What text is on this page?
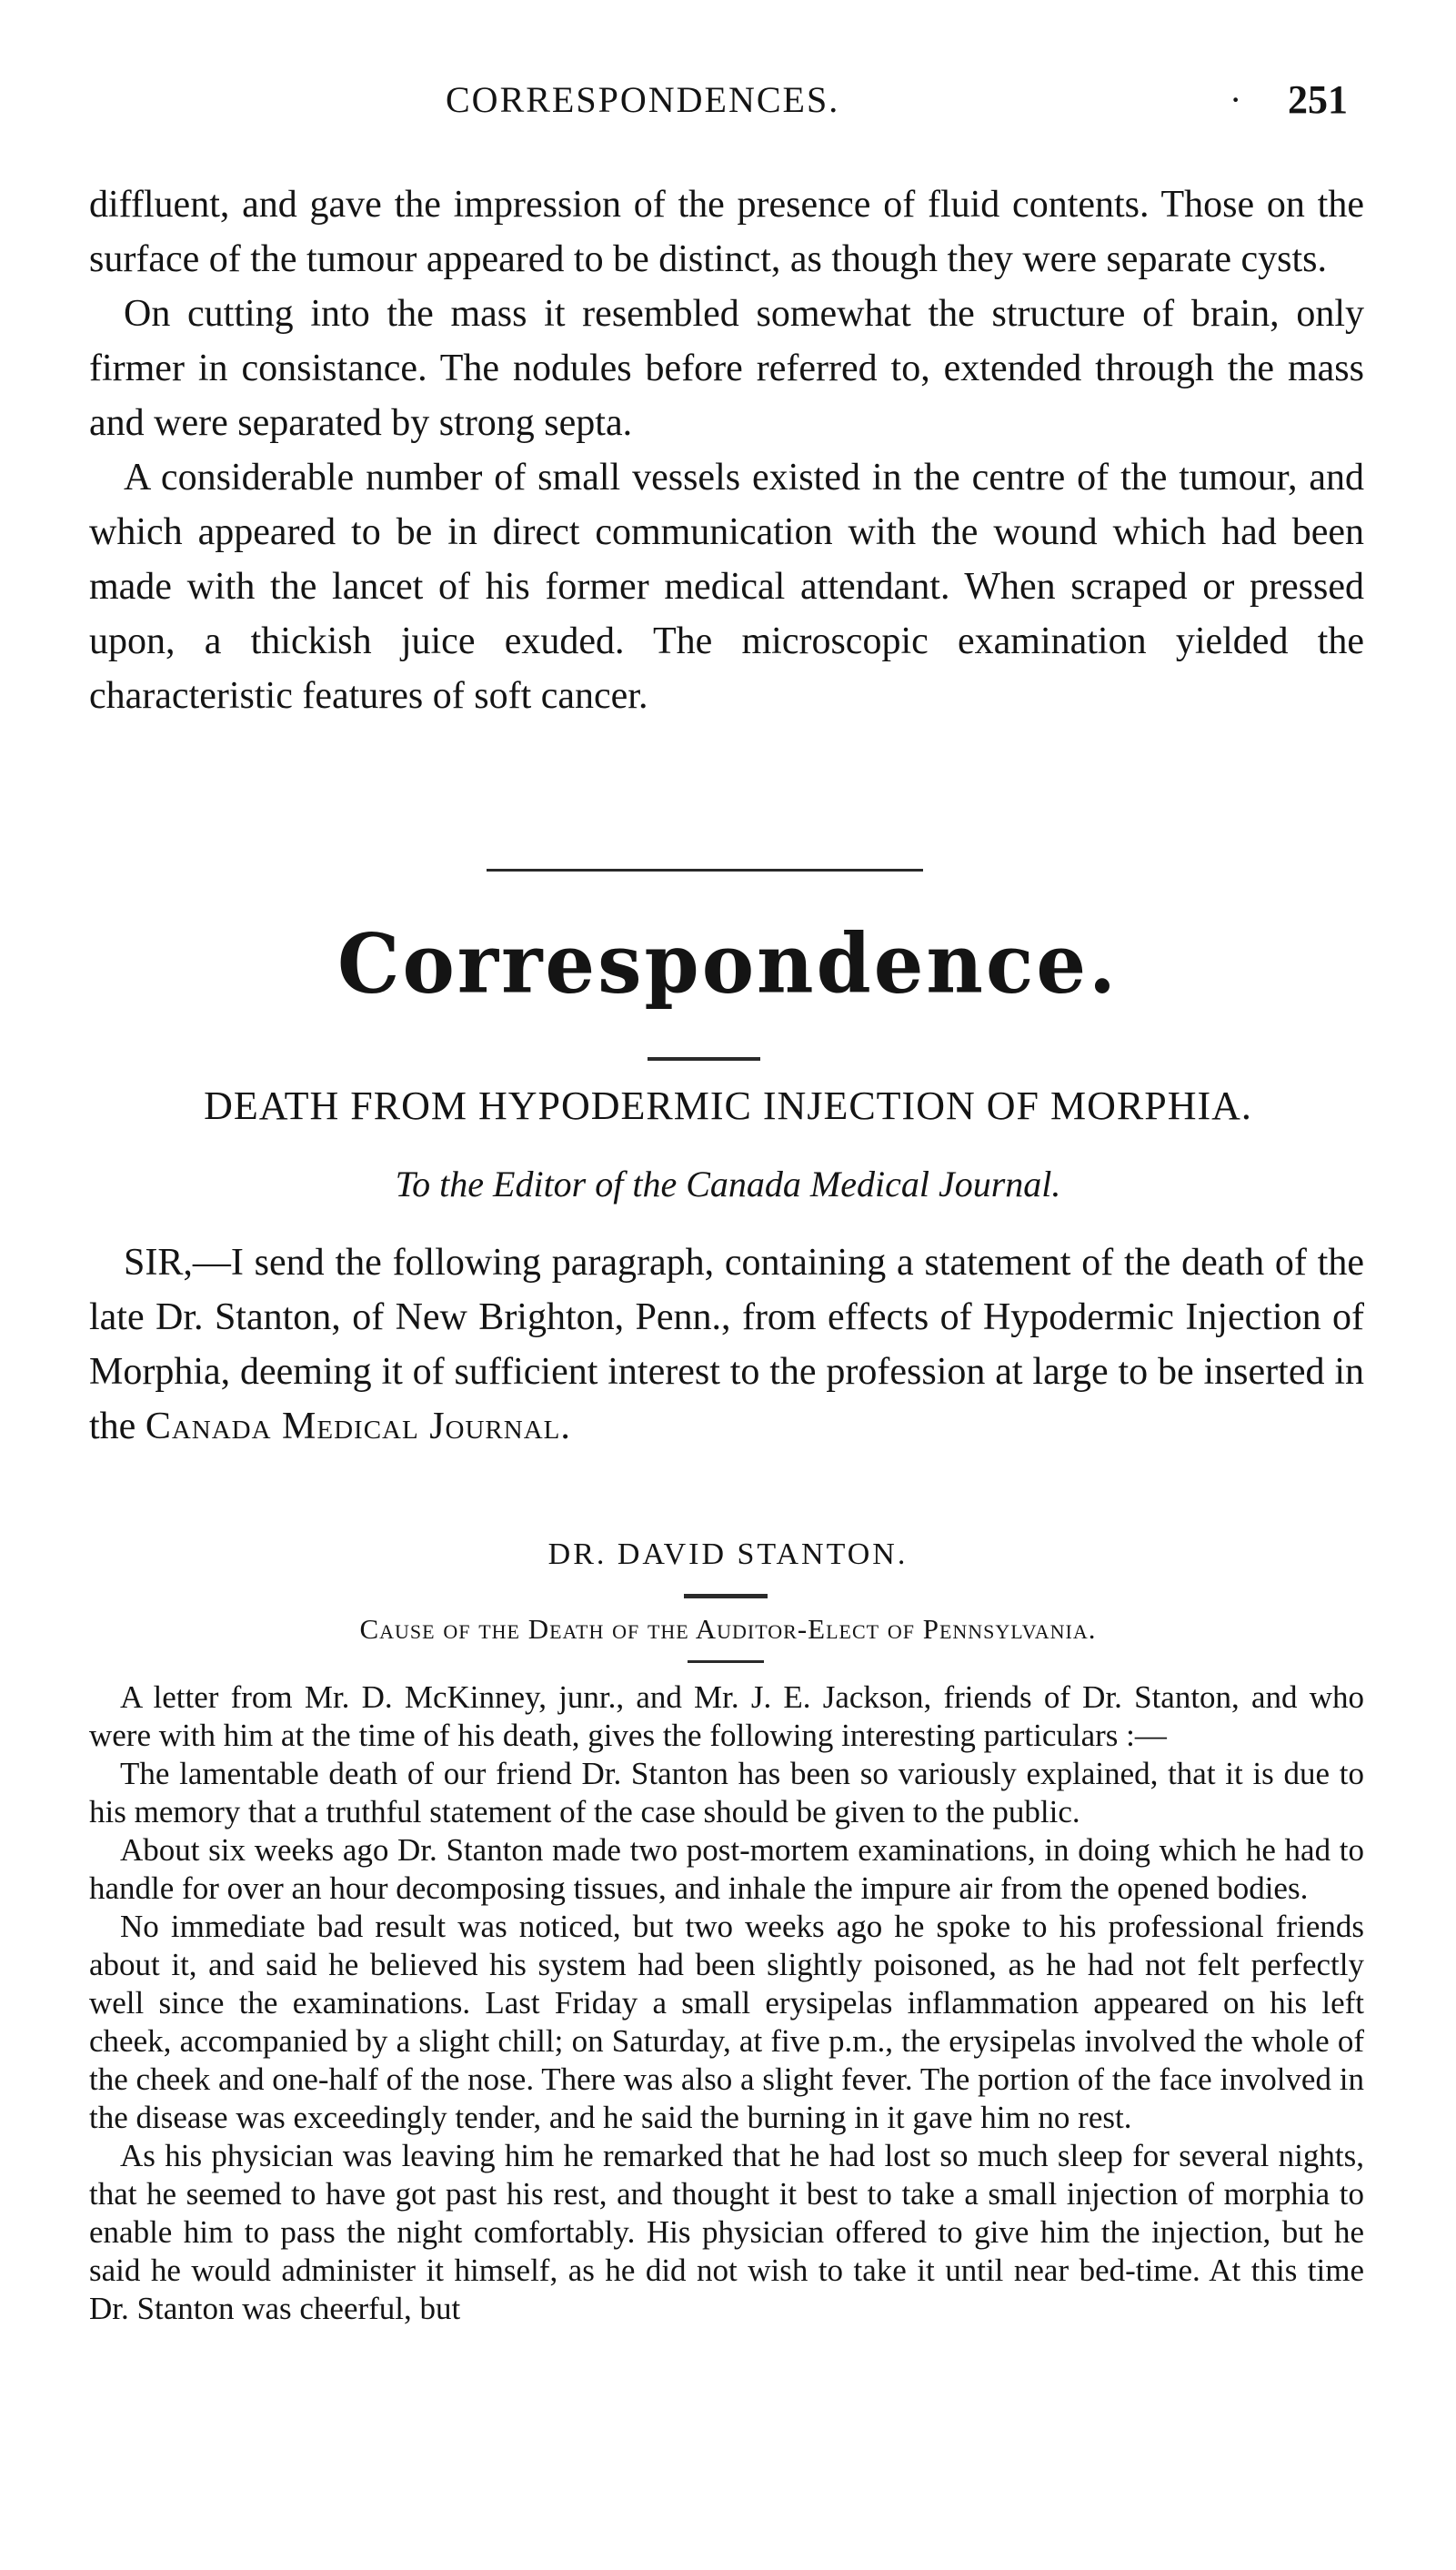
CORRESPONDENCES.	· 251

diffluent, and gave the impression of the presence of fluid contents. Those on the surface of the tumour appeared to be distinct, as though they were separate cysts.

On cutting into the mass it resembled somewhat the structure of brain, only firmer in consistance. The nodules before referred to, extended through the mass and were separated by strong septa.

A considerable number of small vessels existed in the centre of the tumour, and which appeared to be in direct communication with the wound which had been made with the lancet of his former medical attendant. When scraped or pressed upon, a thickish juice exuded. The microscopic examination yielded the characteristic features of soft cancer.

Correspondence.
DEATH FROM HYPODERMIC INJECTION OF MORPHIA.
To the Editor of the Canada Medical Journal.

SIR,—I send the following paragraph, containing a statement of the death of the late Dr. Stanton, of New Brighton, Penn., from effects of Hypodermic Injection of Morphia, deeming it of sufficient interest to the profession at large to be inserted in the Canada Medical Journal.

DR. DAVID STANTON.
Cause of the Death of the Auditor-Elect of Pennsylvania.

A letter from Mr. D. McKinney, junr., and Mr. J. E. Jackson, friends of Dr. Stanton, and who were with him at the time of his death, gives the following interesting particulars :—

The lamentable death of our friend Dr. Stanton has been so variously explained, that it is due to his memory that a truthful statement of the case should be given to the public.

About six weeks ago Dr. Stanton made two post-mortem examinations, in doing which he had to handle for over an hour decomposing tissues, and inhale the impure air from the opened bodies.

No immediate bad result was noticed, but two weeks ago he spoke to his professional friends about it, and said he believed his system had been slightly poisoned, as he had not felt perfectly well since the examinations. Last Friday a small erysipelas inflammation appeared on his left cheek, accompanied by a slight chill; on Saturday, at five p.m., the erysipelas involved the whole of the cheek and one-half of the nose. There was also a slight fever. The portion of the face involved in the disease was exceedingly tender, and he said the burning in it gave him no rest.

As his physician was leaving him he remarked that he had lost so much sleep for several nights, that he seemed to have got past his rest, and thought it best to take a small injection of morphia to enable him to pass the night comfortably. His physician offered to give him the injection, but he said he would administer it himself, as he did not wish to take it until near bed-time. At this time Dr. Stanton was cheerful, but
